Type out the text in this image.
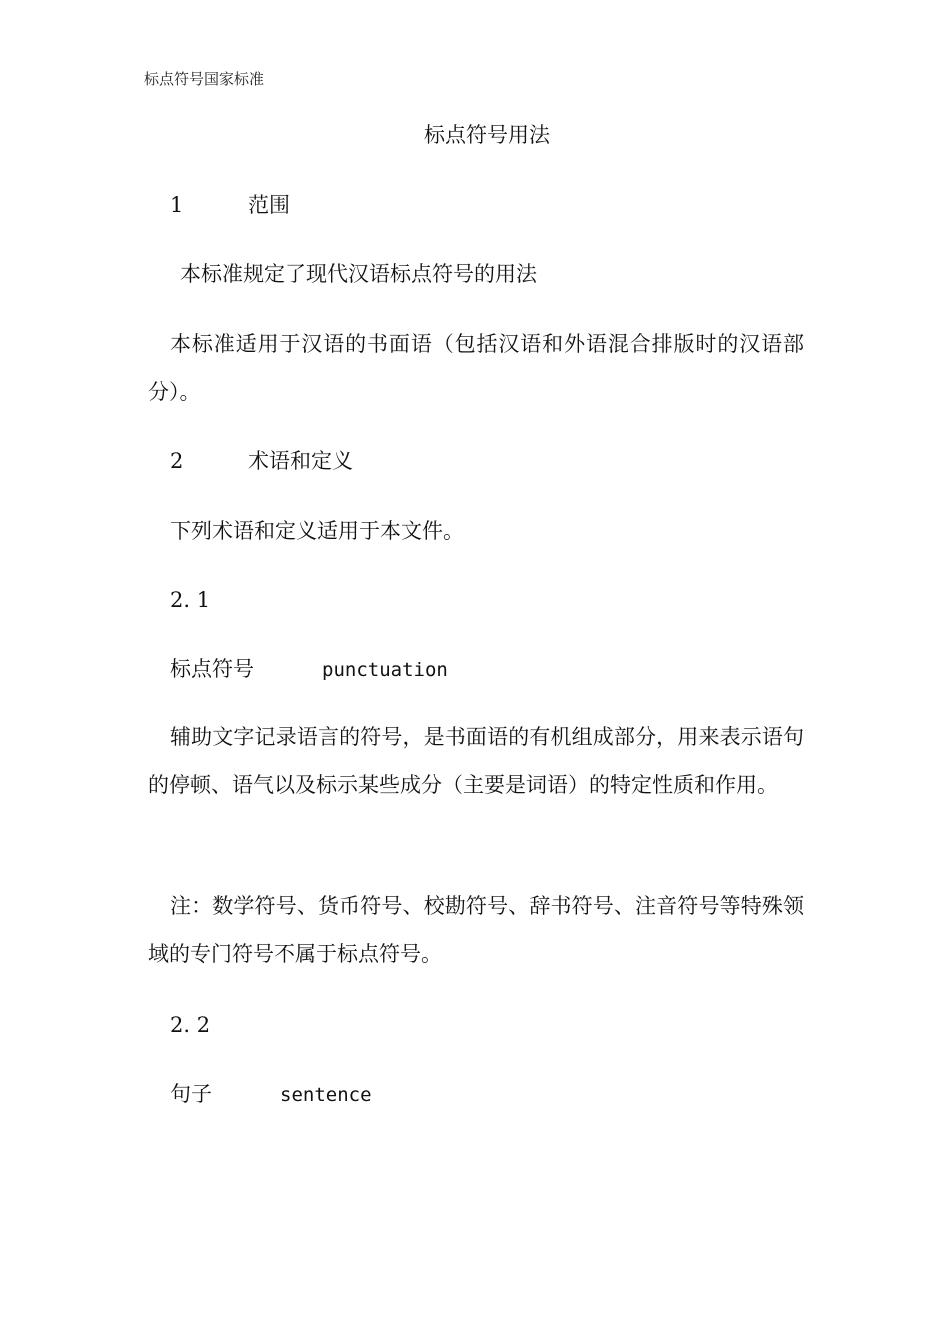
标点符号国家标准
标点符号用法
1	范围
本标准规定了现代汉语标点符号的用法
本标准适用于汉语的书面语（包括汉语和外语混合排版时的汉语部分）。
2	术语和定义
下列术语和定义适用于本文件。
2. 1
标点符号	punctuation
辅助文字记录语言的符号，是书面语的有机组成部分，用来表示语句的停顿、语气以及标示某些成分（主要是词语）的特定性质和作用。
注：数学符号、货币符号、校勘符号、辞书符号、注音符号等特殊领域的专门符号不属于标点符号。
2. 2
句子	sentence
